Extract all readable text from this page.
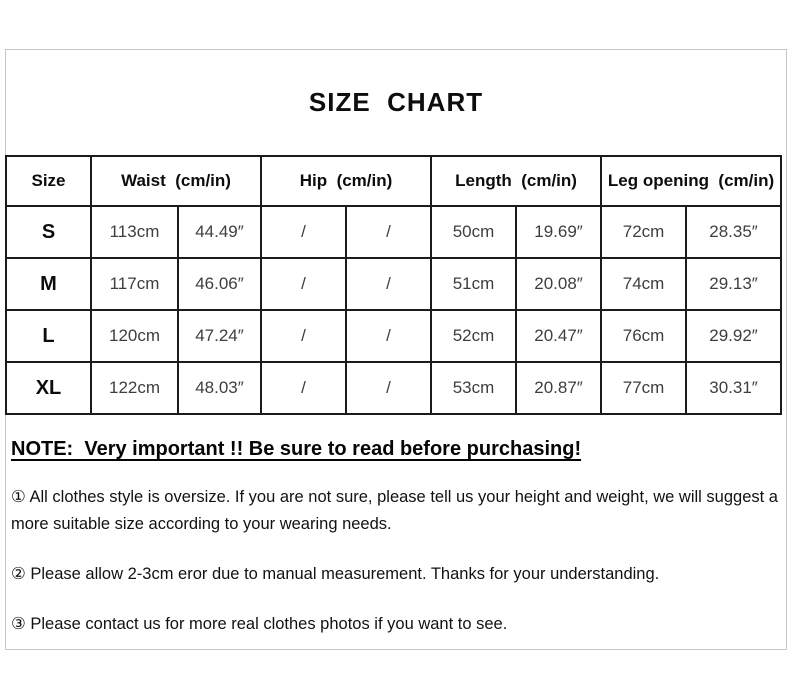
SIZE  CHART
Size	Waist  (cm/in)		Hip  (cm/in)		Length  (cm/in)		Leg opening  (cm/in)	
S	113cm	44.49″	/	/	50cm	19.69″	72cm	28.35″
M	117cm	46.06″	/	/	51cm	20.08″	74cm	29.13″
L	120cm	47.24″	/	/	52cm	20.47″	76cm	29.92″
XL	122cm	48.03″	/	/	53cm	20.87″	77cm	30.31″
NOTE:  Very important !! Be sure to read before purchasing!

① All clothes style is oversize. If you are not sure, please tell us your height and weight, we will suggest a more suitable size according to your wearing needs.

② Please allow 2-3cm eror due to manual measurement. Thanks for your understanding.

③ Please contact us for more real clothes photos if you want to see.
